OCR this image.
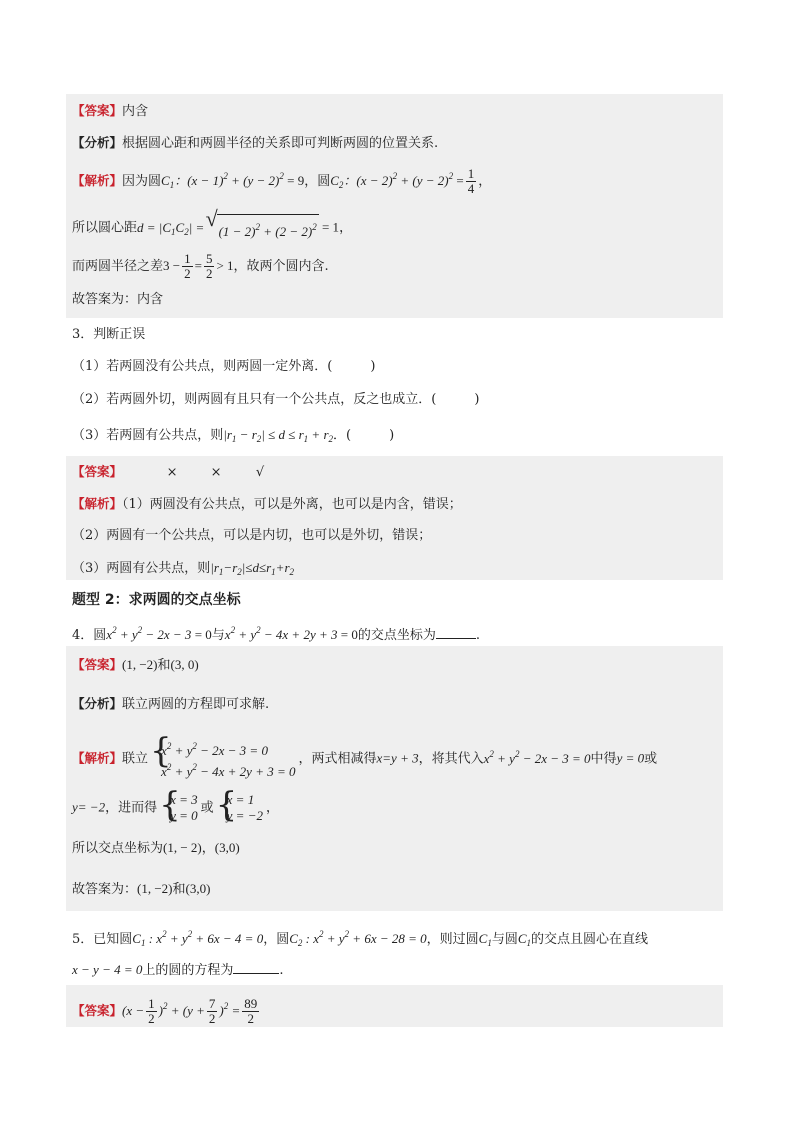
【答案】内含
【分析】根据圆心距和两圆半径的关系即可判断两圆的位置关系.
【解析】因为圆$C_1$：$(x - 1)^2 + (y - 2)^2 = 9$，圆$C_2$：$(x - 2)^2 + (y - 2)^2 = \frac{1}{4}$ ，
所以圆心距$d = |C_1C_2|$ = √ $(1 - 2)^2 + (2 - 2)^2 = 1$，
而两圆半径之差$3 - \frac{1}{2} = \frac{5}{2} > 1$，故两个圆内含.
故答案为：内含
3．判断正误
（1）若两圆没有公共点，则两圆一定外离．(	)
（2）若两圆外切，则两圆有且只有一个公共点，反之也成立．(	)
（3）若两圆有公共点，则$|r_1 - r_2| \le d \le r_1 + r_2$．(	)
【答案】	×	×	√
【解析】（1）两圆没有公共点，可以是外离，也可以是内含，错误；
（2）两圆有一个公共点，可以是内切，也可以是外切，错误；
（3）两圆有公共点，则$|r_1-r_2|\le d\le r_1+r_2$
题型 2：求两圆的交点坐标
4．圆$x^2 + y^2 - 2x - 3 = 0$与$x^2 + y^2 - 4x + 2y + 3 = 0$的交点坐标为	.
【答案】(1, −2)和(3, 0)
【分析】联立两圆的方程即可求解.
【解析】联立
{ $x^2 + y^2 - 2x - 3 = 0$
$x^2 + y^2 - 4x + 2y + 3 = 0$
，两式相减得x=y + 3，将其代入$x^2 + y^2 - 2x - 3 = 0$中得y = 0或
y= −2，进而得
{ x = 3
y = 0 或
{ x = 1
y = −2 ，
所以交点坐标为(1, − 2)，(3,0)
故答案为：(1, −2)和(3,0)
5．已知圆$C_1$ : $x^2 + y^2 + 6x - 4 = 0$，圆$C_2$ : $x^2 + y^2 + 6x - 28 = 0$，则过圆$C_1$与圆$C_1$的交点且圆心在直线
x − y − 4 = 0上的圆的方程为	.
【答案】$(x - \frac{1}{2} )^2 + (y + \frac{7}{2} )^2 = \frac{89}{2}$
